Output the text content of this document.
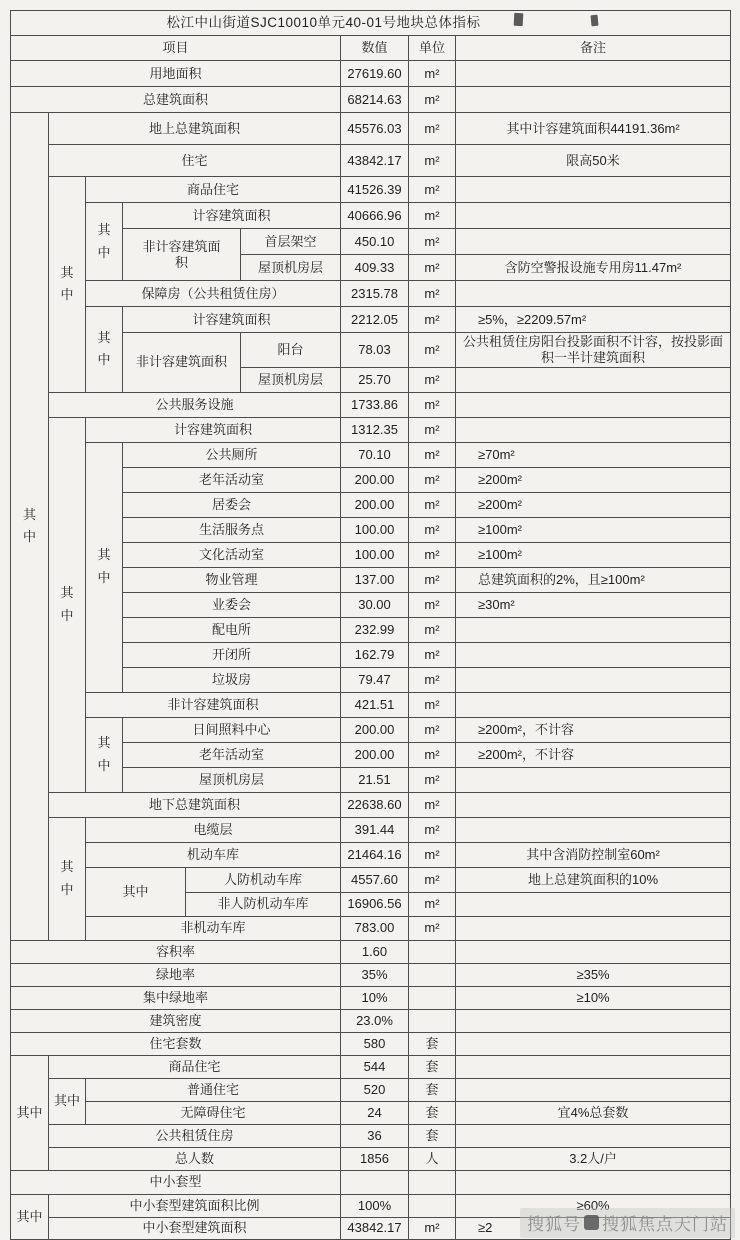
松江中山街道SJC10010单元40-01号地块总体指标								
项目						数值	单位	备注
用地面积						27619.60	m²	
总建筑面积						68214.63	m²	
其中	地上总建筑面积					45576.03	m²	其中计容建筑面积44191.36m²
	住宅					43842.17	m²	限高50米
	其中	商品住宅				41526.39	m²	
		其中	计容建筑面积			40666.96	m²	
			非计容建筑面积		首层架空	450.10	m²	
					屋顶机房层	409.33	m²	含防空警报设施专用房11.47m²
		保障房（公共租赁住房）				2315.78	m²	
		其中	计容建筑面积			2212.05	m²	≥5%，≥2209.57m²
			非计容建筑面积		阳台	78.03	m²	公共租赁住房阳台投影面积不计容，按投影面积一半计建筑面积
					屋顶机房层	25.70	m²	
	公共服务设施					1733.86	m²	
	其中	计容建筑面积				1312.35	m²	
		其中	公共厕所			70.10	m²	≥70m²
			老年活动室			200.00	m²	≥200m²
			居委会			200.00	m²	≥200m²
			生活服务点			100.00	m²	≥100m²
			文化活动室			100.00	m²	≥100m²
			物业管理			137.00	m²	总建筑面积的2%，且≥100m²
			业委会			30.00	m²	≥30m²
			配电所			232.99	m²	
			开闭所			162.79	m²	
			垃圾房			79.47	m²	
		非计容建筑面积				421.51	m²	
		其中	日间照料中心			200.00	m²	≥200m²，不计容
			老年活动室			200.00	m²	≥200m²，不计容
			屋顶机房层			21.51	m²	
	地下总建筑面积					22638.60	m²	
	其中	电缆层				391.44	m²	
		机动车库				21464.16	m²	其中含消防控制室60m²
		其中		人防机动车库		4557.60	m²	地上总建筑面积的10%
				非人防机动车库		16906.56	m²	
		非机动车库				783.00	m²	
容积率						1.60		
绿地率						35%		≥35%
集中绿地率						10%		≥10%
建筑密度						23.0%		
住宅套数						580	套	
其中	商品住宅					544	套	
	其中	普通住宅				520	套	
		无障碍住宅				24	套	宜4%总套数
	公共租赁住房					36	套	
	总人数					1856	人	3.2人/户
中小套型								
其中	中小套型建筑面积比例					100%		≥60%
	中小套型建筑面积					43842.17	m²	≥2 搜狐号 搜狐焦点天门站
